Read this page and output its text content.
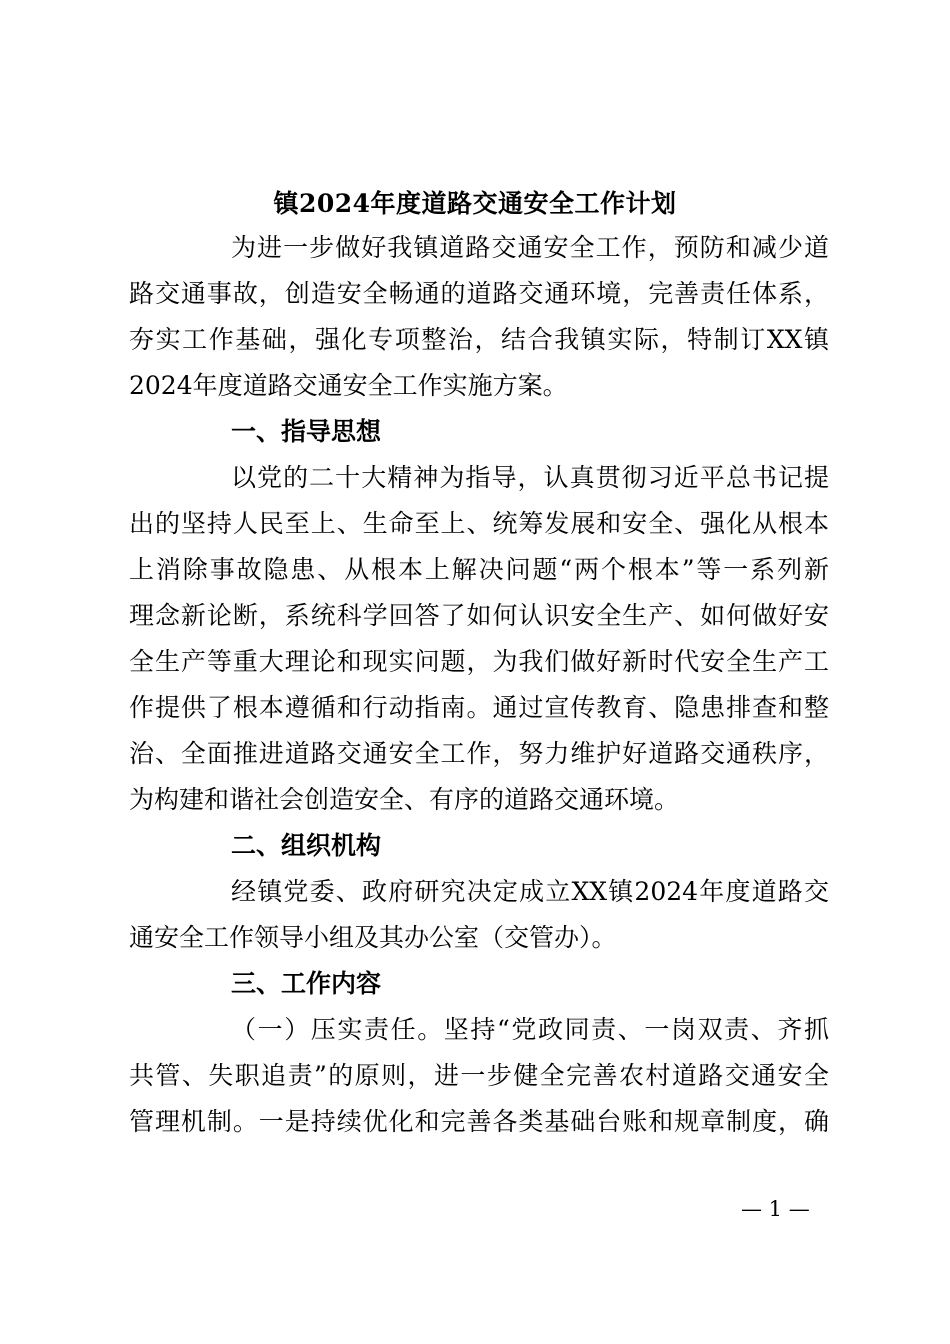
镇2024年度道路交通安全工作计划
为进一步做好我镇道路交通安全工作，预防和减少道
路交通事故，创造安全畅通的道路交通环境，完善责任体系，
夯实工作基础，强化专项整治，结合我镇实际，特制订XX镇
2024年度道路交通安全工作实施方案。
一、指导思想
以党的二十大精神为指导，认真贯彻习近平总书记提
出的坚持人民至上、生命至上、统筹发展和安全、强化从根本
上消除事故隐患、从根本上解决问题“两个根本”等一系列新
理念新论断，系统科学回答了如何认识安全生产、如何做好安
全生产等重大理论和现实问题，为我们做好新时代安全生产工
作提供了根本遵循和行动指南。通过宣传教育、隐患排查和整
治、全面推进道路交通安全工作，努力维护好道路交通秩序，
为构建和谐社会创造安全、有序的道路交通环境。
二、组织机构
经镇党委、政府研究决定成立XX镇2024年度道路交
通安全工作领导小组及其办公室（交管办）。
三、工作内容
（一）压实责任。坚持“党政同责、一岗双责、齐抓
共管、失职追责”的原则，进一步健全完善农村道路交通安全
管理机制。一是持续优化和完善各类基础台账和规章制度，确
— 1 —
